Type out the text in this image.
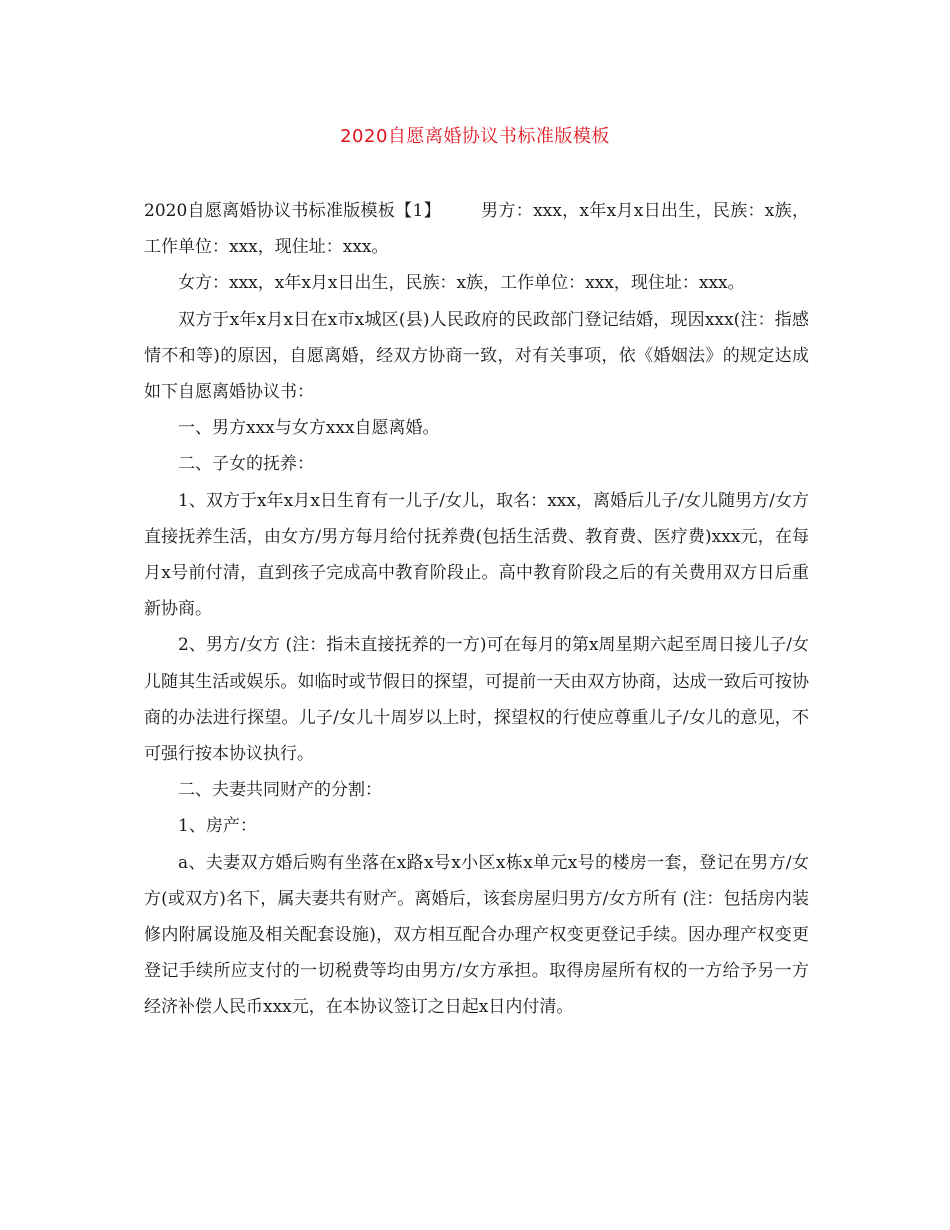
2020自愿离婚协议书标准版模板

2020自愿离婚协议书标准版模板【1】 男方：xxx，x年x月x日出生，民族：x族，工作单位：xxx，现住址：xxx。

女方：xxx，x年x月x日出生，民族：x族，工作单位：xxx，现住址：xxx。

双方于x年x月x日在x市x城区(县)人民政府的民政部门登记结婚，现因xxx(注：指感情不和等)的原因，自愿离婚，经双方协商一致，对有关事项，依《婚姻法》的规定达成如下自愿离婚协议书：

一、男方xxx与女方xxx自愿离婚。

二、子女的抚养：

1、双方于x年x月x日生育有一儿子/女儿，取名：xxx，离婚后儿子/女儿随男方/女方直接抚养生活，由女方/男方每月给付抚养费(包括生活费、教育费、医疗费)xxx元，在每月x号前付清，直到孩子完成高中教育阶段止。高中教育阶段之后的有关费用双方日后重新协商。

2、男方/女方 (注：指未直接抚养的一方)可在每月的第x周星期六起至周日接儿子/女儿随其生活或娱乐。如临时或节假日的探望，可提前一天由双方协商，达成一致后可按协商的办法进行探望。儿子/女儿十周岁以上时，探望权的行使应尊重儿子/女儿的意见，不可强行按本协议执行。

二、夫妻共同财产的分割：

1、房产：

a、夫妻双方婚后购有坐落在x路x号x小区x栋x单元x号的楼房一套，登记在男方/女方(或双方)名下，属夫妻共有财产。离婚后，该套房屋归男方/女方所有 (注：包括房内装修内附属设施及相关配套设施)，双方相互配合办理产权变更登记手续。因办理产权变更登记手续所应支付的一切税费等均由男方/女方承担。取得房屋所有权的一方给予另一方经济补偿人民币xxx元，在本协议签订之日起x日内付清。
